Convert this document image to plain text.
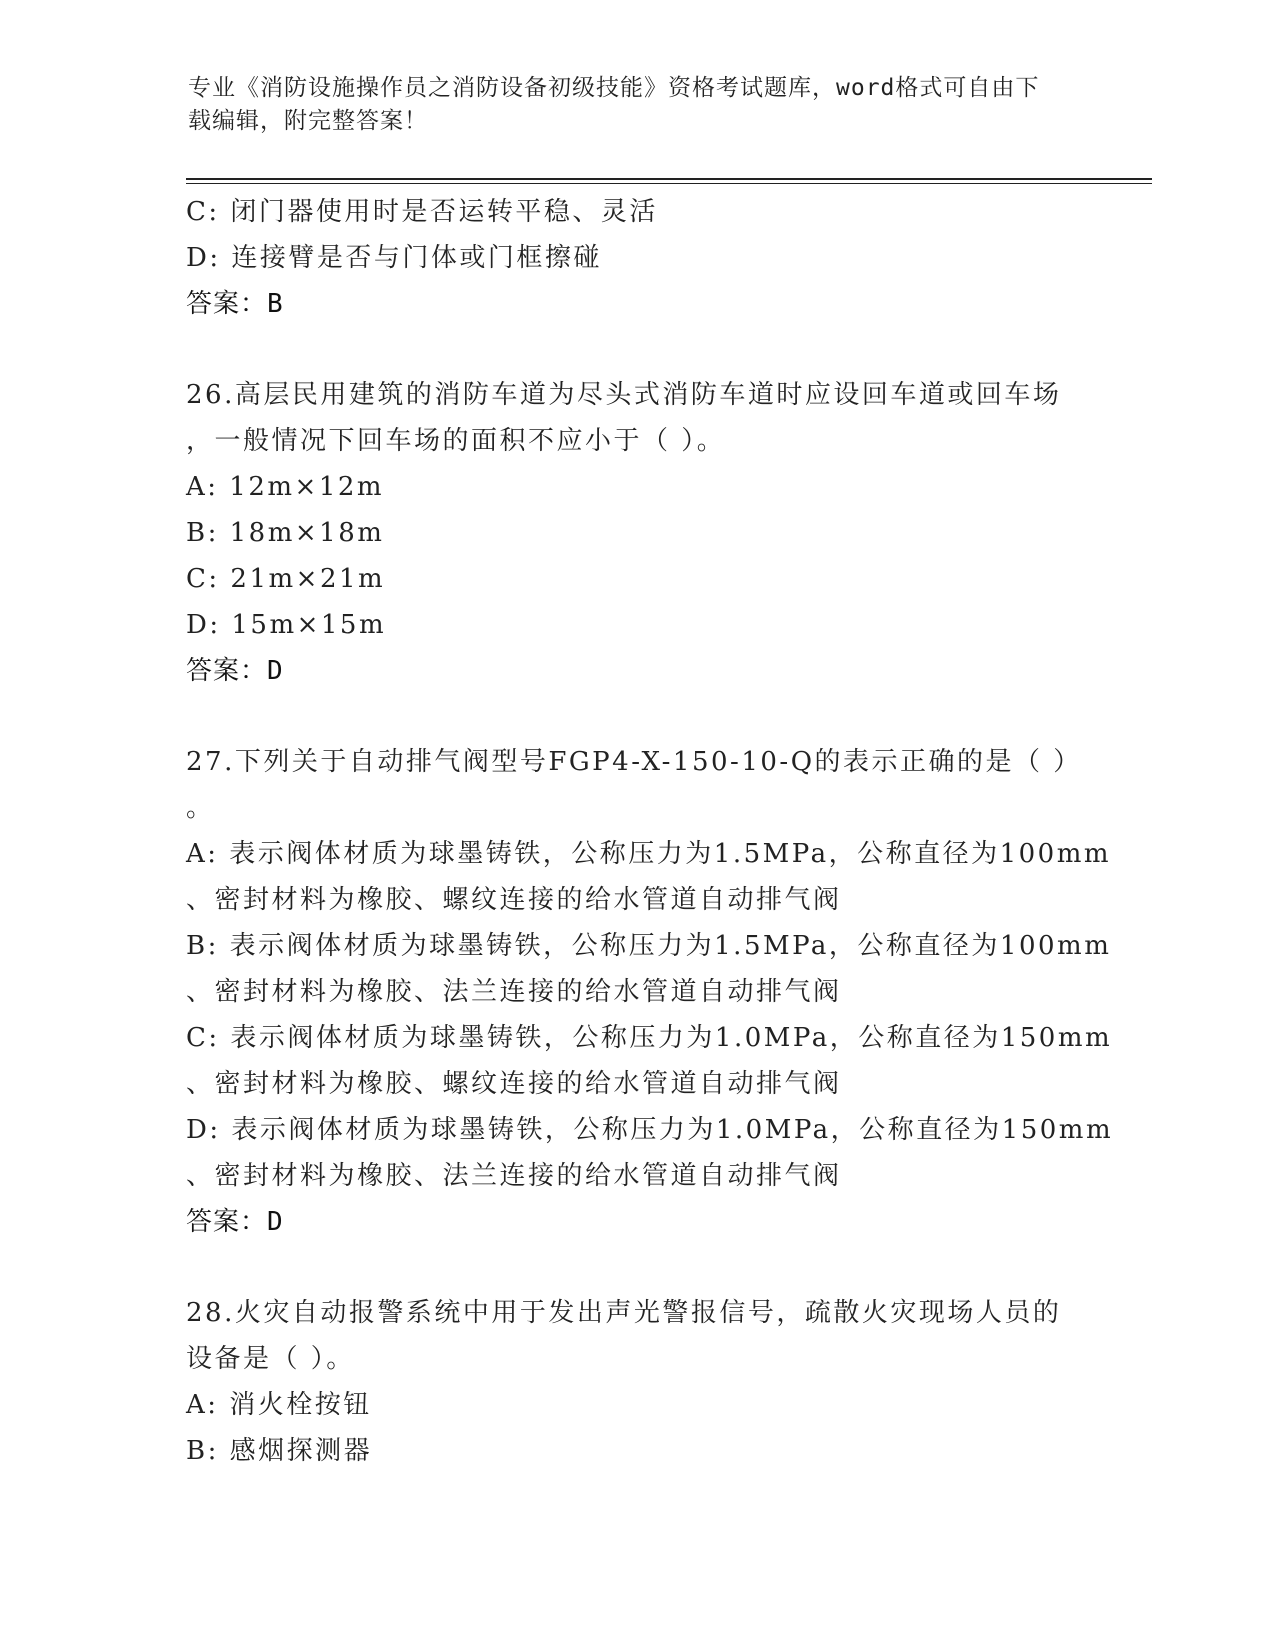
专业《消防设施操作员之消防设备初级技能》资格考试题库，word格式可自由下
载编辑，附完整答案！
C: 闭门器使用时是否运转平稳、灵活
D: 连接臂是否与门体或门框擦碰
答案：B
26.高层民用建筑的消防车道为尽头式消防车道时应设回车道或回车场
，一般情况下回车场的面积不应小于（ ）。
A: 12m×12m
B: 18m×18m
C: 21m×21m
D: 15m×15m
答案：D
27.下列关于自动排气阀型号FGP4-X-150-10-Q的表示正确的是（ ）
。
A: 表示阀体材质为球墨铸铁，公称压力为1.5MPa，公称直径为100mm
、密封材料为橡胶、螺纹连接的给水管道自动排气阀
B: 表示阀体材质为球墨铸铁，公称压力为1.5MPa，公称直径为100mm
、密封材料为橡胶、法兰连接的给水管道自动排气阀
C: 表示阀体材质为球墨铸铁，公称压力为1.0MPa，公称直径为150mm
、密封材料为橡胶、螺纹连接的给水管道自动排气阀
D: 表示阀体材质为球墨铸铁，公称压力为1.0MPa，公称直径为150mm
、密封材料为橡胶、法兰连接的给水管道自动排气阀
答案：D
28.火灾自动报警系统中用于发出声光警报信号，疏散火灾现场人员的
设备是（ ）。
A: 消火栓按钮
B: 感烟探测器
